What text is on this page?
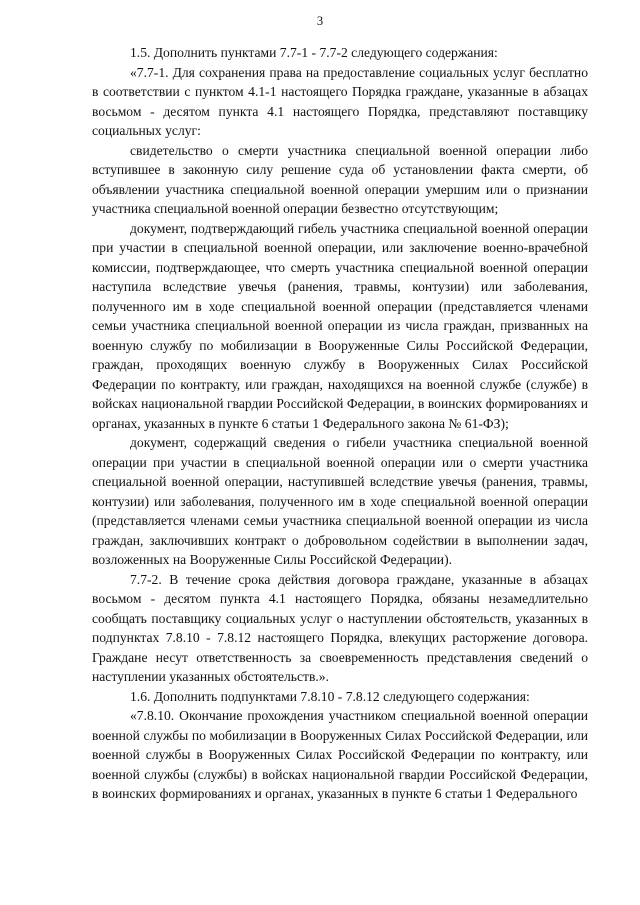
3

1.5. Дополнить пунктами 7.7-1 - 7.7-2 следующего содержания:

«7.7-1. Для сохранения права на предоставление социальных услуг бесплатно в соответствии с пунктом 4.1-1 настоящего Порядка граждане, указанные в абзацах восьмом - десятом пункта 4.1 настоящего Порядка, представляют поставщику социальных услуг:

свидетельство о смерти участника специальной военной операции либо вступившее в законную силу решение суда об установлении факта смерти, об объявлении участника специальной военной операции умершим или о признании участника специальной военной операции безвестно отсутствующим;

документ, подтверждающий гибель участника специальной военной операции при участии в специальной военной операции, или заключение военно-врачебной комиссии, подтверждающее, что смерть участника специальной военной операции наступила вследствие увечья (ранения, травмы, контузии) или заболевания, полученного им в ходе специальной военной операции (представляется членами семьи участника специальной военной операции из числа граждан, призванных на военную службу по мобилизации в Вооруженные Силы Российской Федерации, граждан, проходящих военную службу в Вооруженных Силах Российской Федерации по контракту, или граждан, находящихся на военной службе (службе) в войсках национальной гвардии Российской Федерации, в воинских формированиях и органах, указанных в пункте 6 статьи 1 Федерального закона № 61-ФЗ);

документ, содержащий сведения о гибели участника специальной военной операции при участии в специальной военной операции или о смерти участника специальной военной операции, наступившей вследствие увечья (ранения, травмы, контузии) или заболевания, полученного им в ходе специальной военной операции (представляется членами семьи участника специальной военной операции из числа граждан, заключивших контракт о добровольном содействии в выполнении задач, возложенных на Вооруженные Силы Российской Федерации).

7.7-2. В течение срока действия договора граждане, указанные в абзацах восьмом - десятом пункта 4.1 настоящего Порядка, обязаны незамедлительно сообщать поставщику социальных услуг о наступлении обстоятельств, указанных в подпунктах 7.8.10 - 7.8.12 настоящего Порядка, влекущих расторжение договора. Граждане несут ответственность за своевременность представления сведений о наступлении указанных обстоятельств.».

1.6. Дополнить подпунктами 7.8.10 - 7.8.12 следующего содержания:

«7.8.10. Окончание прохождения участником специальной военной операции военной службы по мобилизации в Вооруженных Силах Российской Федерации, или военной службы в Вооруженных Силах Российской Федерации по контракту, или военной службы (службы) в войсках национальной гвардии Российской Федерации, в воинских формированиях и органах, указанных в пункте 6 статьи 1 Федерального
